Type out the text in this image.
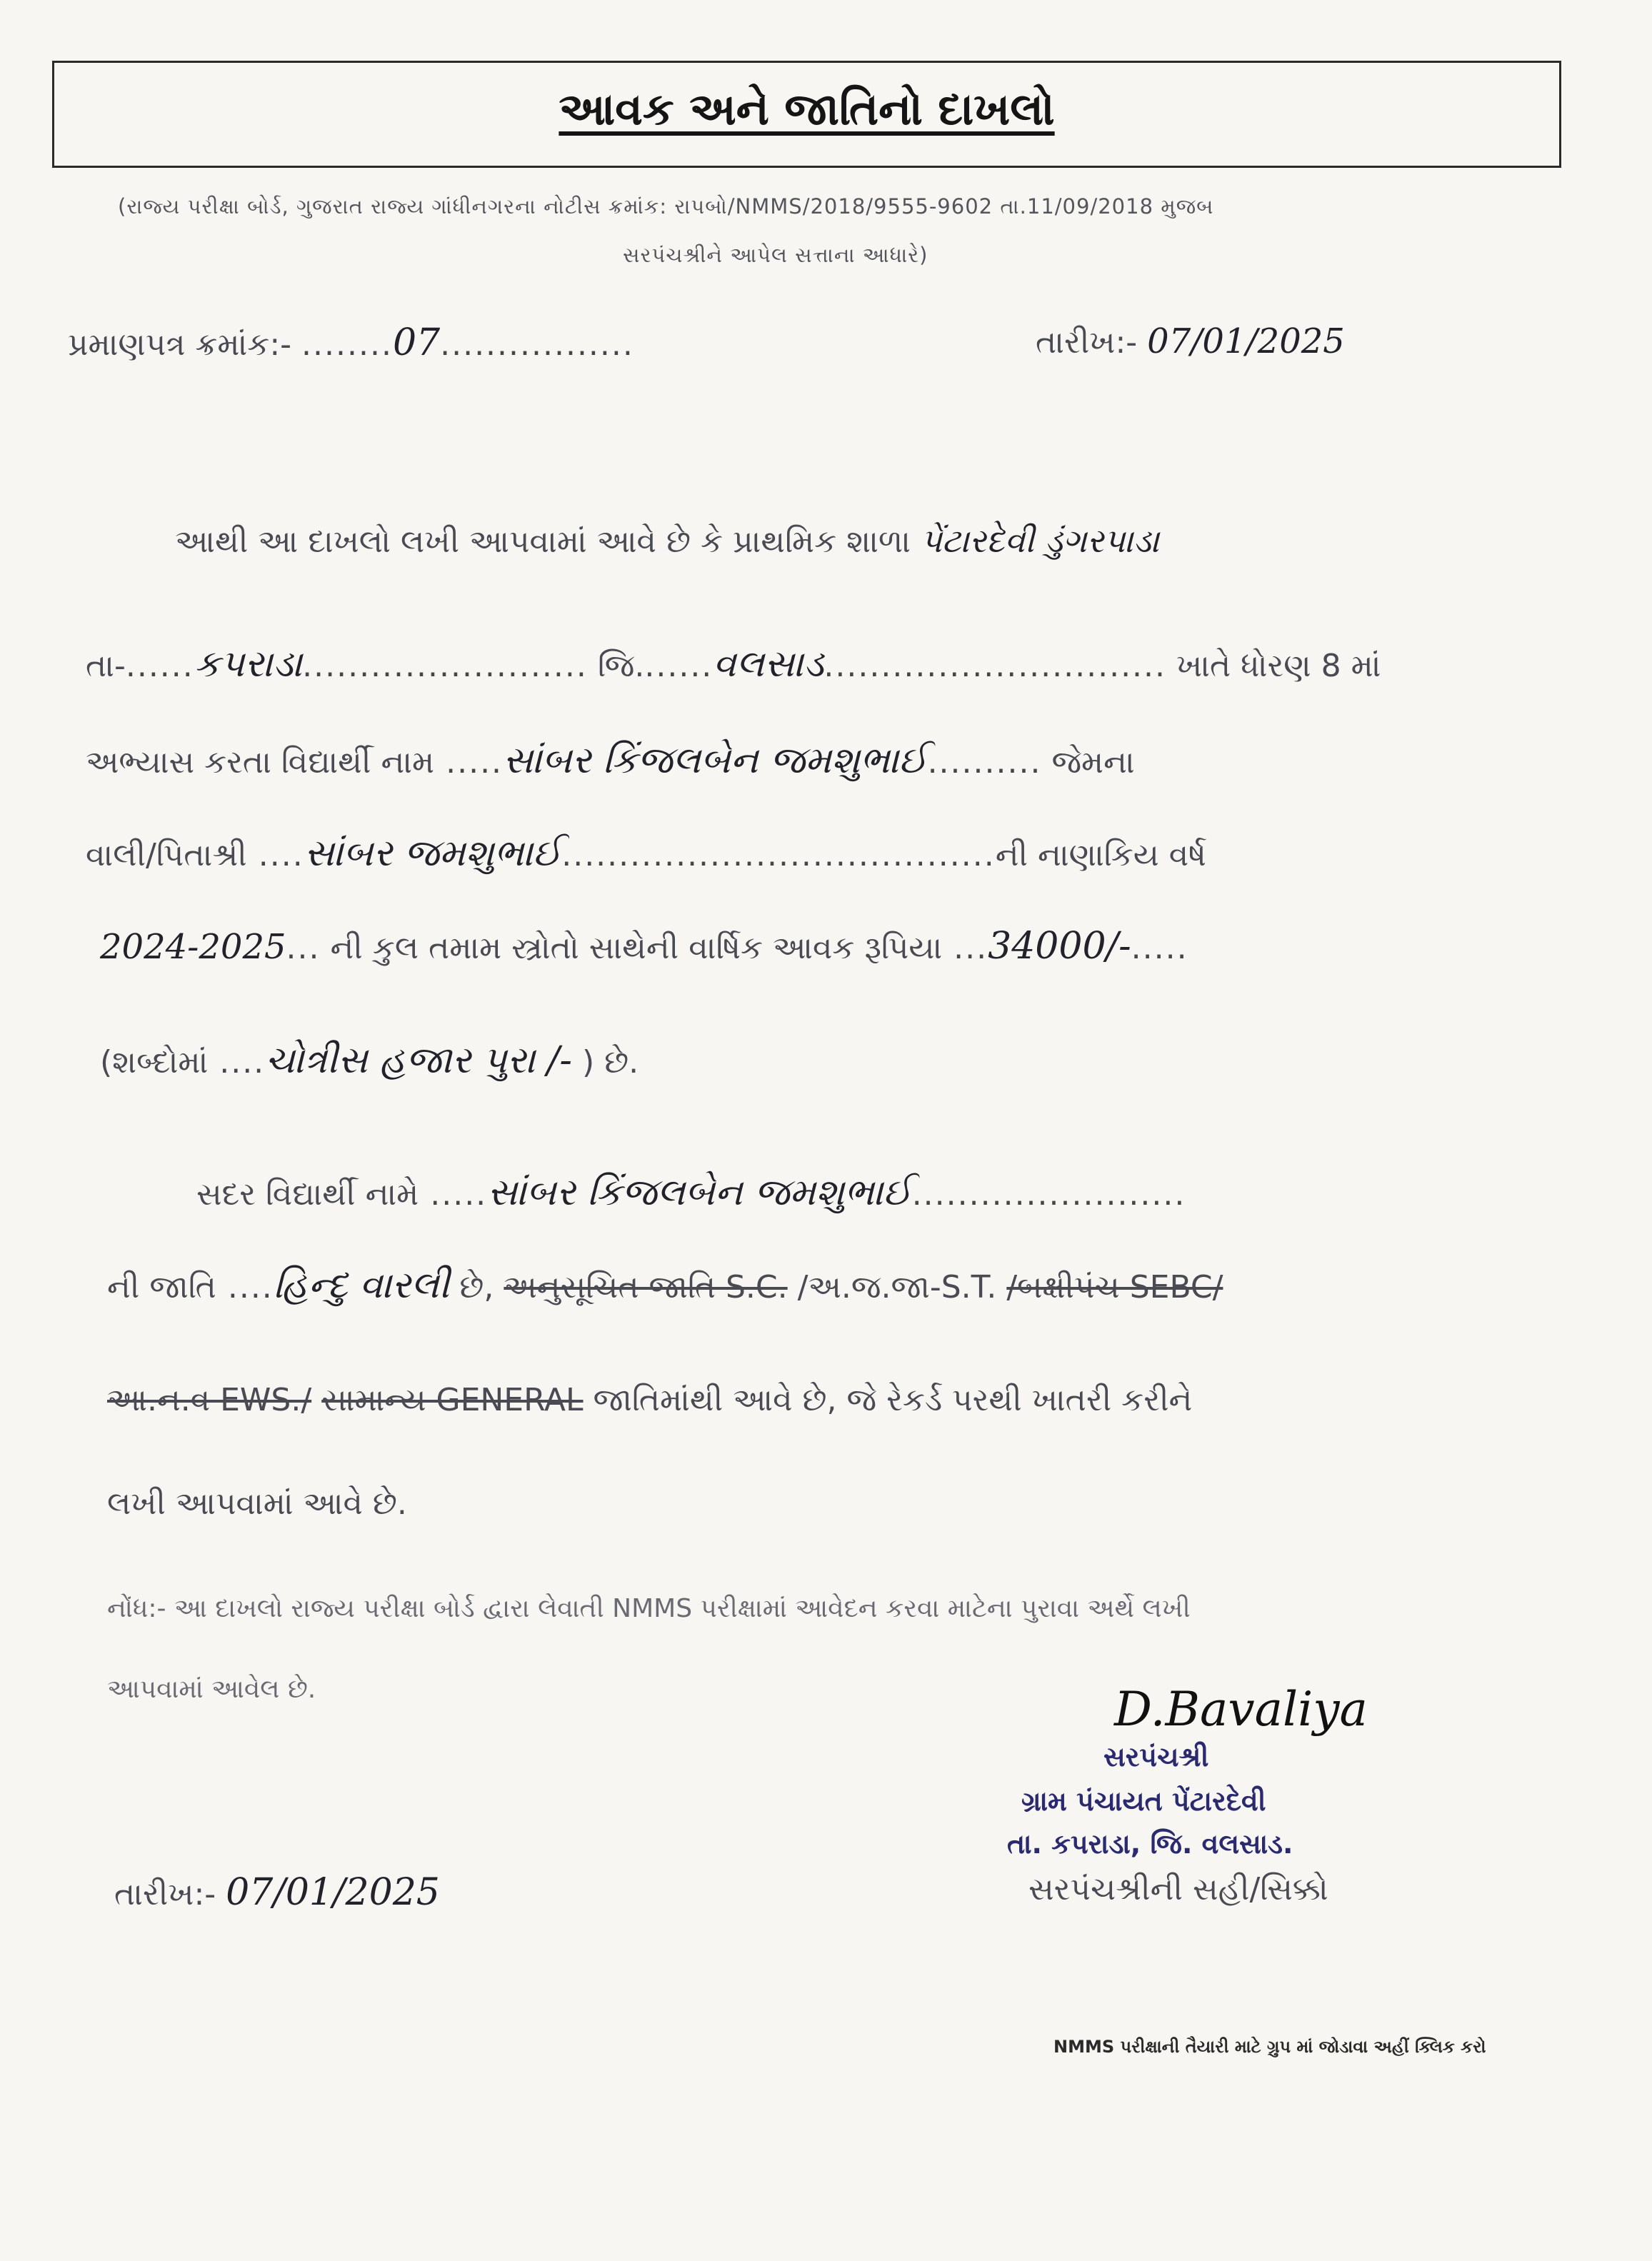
આવક અને જાતિનો દાખલો
(રાજ્ય પરીક્ષા બોર્ડ, ગુજરાત રાજ્ય ગાંધીનગરના નોટીસ ક્રમાંક: રાપબો/NMMS/2018/9555-9602 તા.11/09/2018 મુજબ
સરપંચશ્રીને આપેલ સત્તાના આધારે)
પ્રમાણપત્ર ક્રમાંક:- ........07.................	તારીખ:- 07/01/2025
આથી આ દાખલો લખી આપવામાં આવે છે કે પ્રાથમિક શાળા પેંટારદેવી ડુંગરપાડા
તા-......કપરાડા......................... જિ.......વલસાડ.............................. ખાતે ધોરણ 8 માં
અભ્યાસ કરતા વિદ્યાર્થી નામ .....સાંબર કિંજલબેન જમશુભાઈ.......... જેમના
વાલી/પિતાશ્રી ....સાંબર જમશુભાઈ......................................ની નાણાકિય વર્ષ
2024-2025... ની કુલ તમામ સ્ત્રોતો સાથેની વાર્ષિક આવક રૂપિયા ...34000/-.....
(શબ્દોમાં ....ચોત્રીસ હજાર પુરા /- ) છે.
સદર વિદ્યાર્થી નામે .....સાંબર કિંજલબેન જમશુભાઈ........................
ની જાતિ ....હિન્દુ વારલી છે, અનુસૂચિત જાતિ S.C. /અ.જ.જા-S.T. /બક્ષીપંચ SEBC/
આ.ન.વ EWS./ સામાન્ય GENERAL જાતિમાંથી આવે છે, જે રેકર્ડ પરથી ખાતરી કરીને
લખી આપવામાં આવે છે.
નોંધ:- આ દાખલો રાજ્ય પરીક્ષા બોર્ડ દ્વારા લેવાતી NMMS પરીક્ષામાં આવેદન કરવા માટેના પુરાવા અર્થે લખી
આપવામાં આવેલ છે.	D.Bavaliya
સરપંચશ્રી
ગ્રામ પંચાયત પેંટારદેવી
તા. કપરાડા, જિ. વલસાડ.
સરપંચશ્રીની સહી/સિક્કો
તારીખ:- 07/01/2025
NMMS પરીક્ષાની તૈયારી માટે ગ્રુપ માં જોડાવા અહીં ક્લિક કરો
